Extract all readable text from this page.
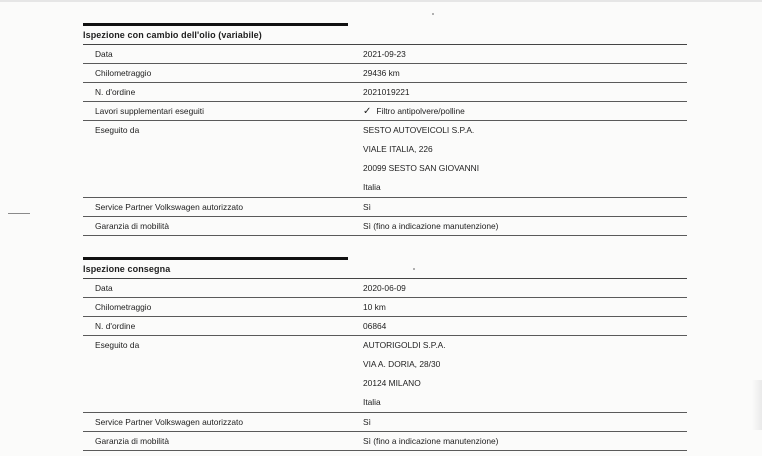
Ispezione con cambio dell'olio (variabile)
Data	2021-09-23
Chilometraggio	29436 km
N. d'ordine	2021019221
Lavori supplementari eseguiti	✓ Filtro antipolvere/polline
Eseguito da	SESTO AUTOVEICOLI S.P.A.
VIALE ITALIA, 226
20099 SESTO SAN GIOVANNI
Italia
Service Partner Volkswagen autorizzato	Sì
Garanzia di mobilità	Sì (fino a indicazione manutenzione)
Ispezione consegna
Data	2020-06-09
Chilometraggio	10 km
N. d'ordine	06864
Eseguito da	AUTORIGOLDI S.P.A.
VIA A. DORIA, 28/30
20124 MILANO
Italia
Service Partner Volkswagen autorizzato	Sì
Garanzia di mobilità	Sì (fino a indicazione manutenzione)
